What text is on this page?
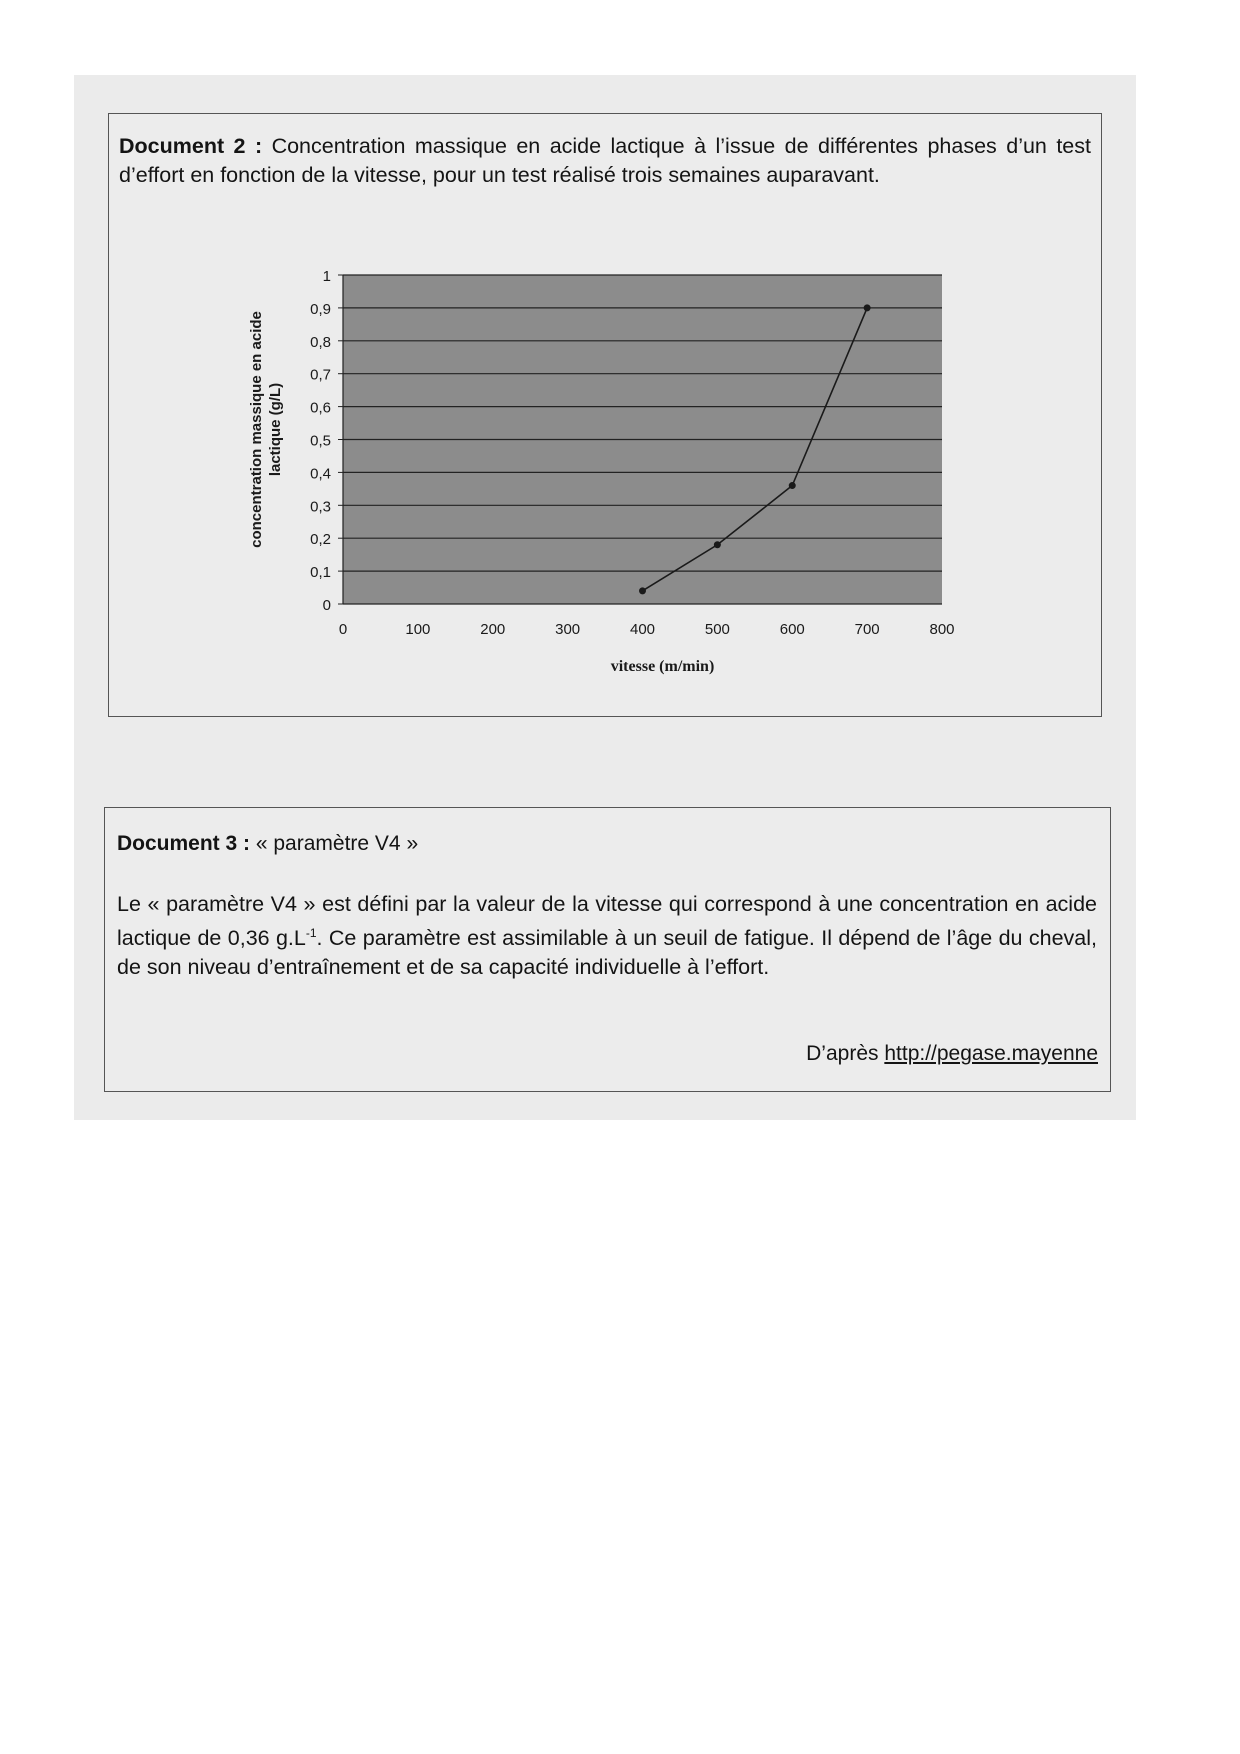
Document 2 : Concentration massique en acide lactique à l’issue de différentes phases d’un test d’effort en fonction de la vitesse, pour un test réalisé trois semaines auparavant.
0
0,1
0,2
0,3
0,4
0,5
0,6
0,7
0,8
0,9
1
0	100	200	300	400	500	600	700	800
vitesse (m/min)
concentration massique en acide lactique (g/L)
Document 3 : « paramètre V4 »
Le « paramètre V4 » est défini par la valeur de la vitesse qui correspond à une concentration en acide lactique de 0,36 $g.L^{-1}$. Ce paramètre est assimilable à un seuil de fatigue. Il dépend de l’âge du cheval, de son niveau d’entraînement et de sa capacité individuelle à l’effort.
D’après http://pegase.mayenne
